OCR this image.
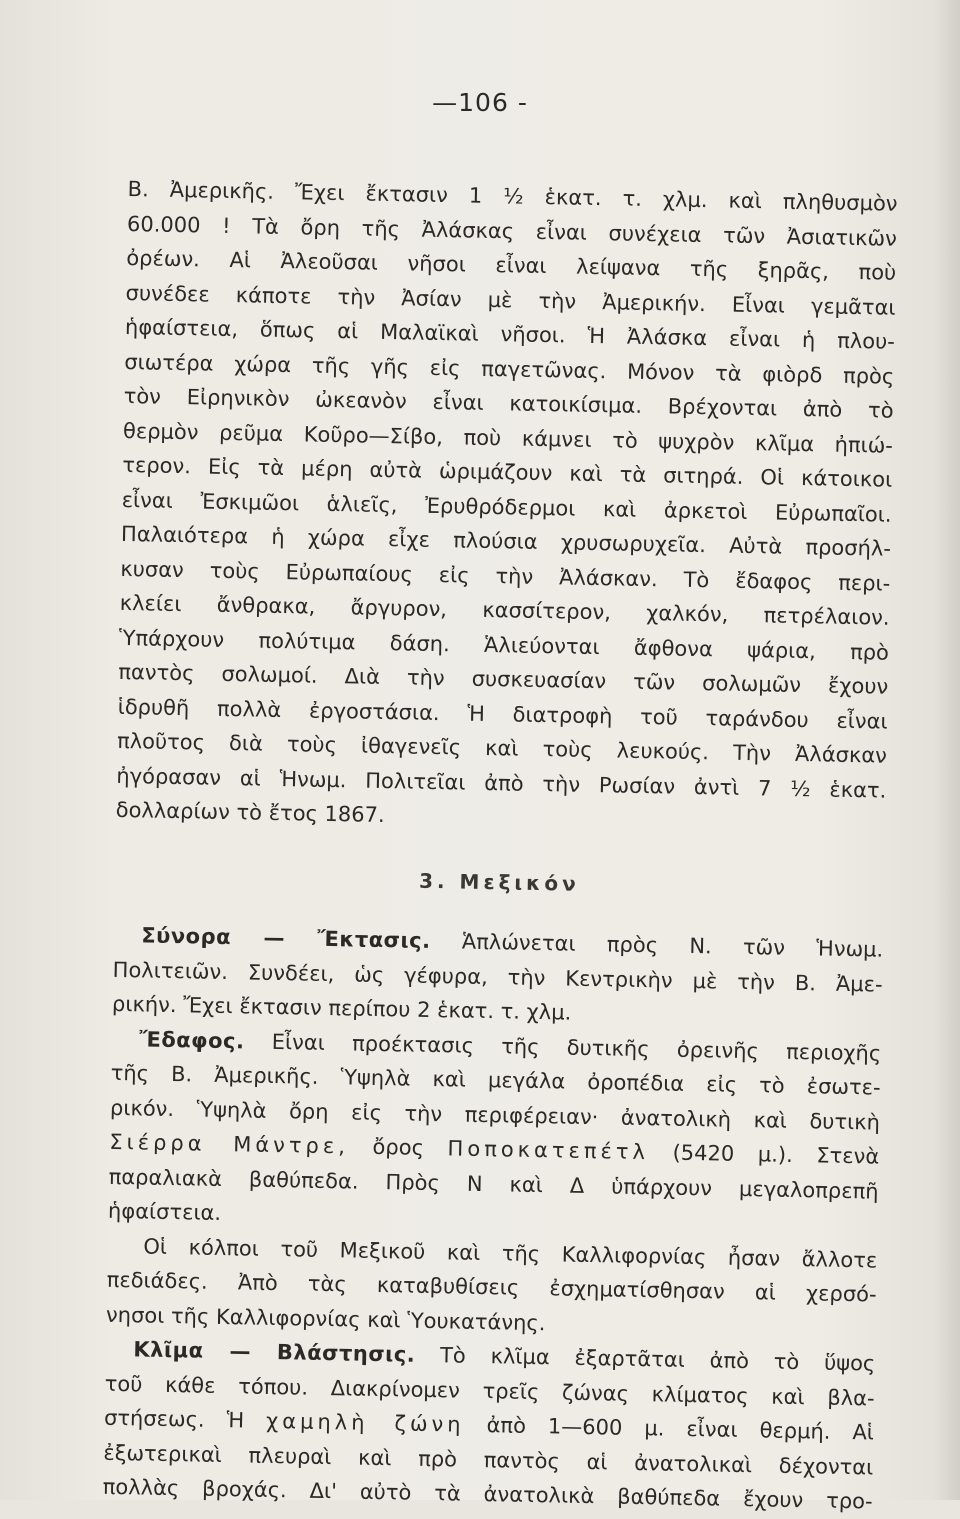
—106 -
Β. Ἀμερικῆς. Ἔχει ἔκτασιν 1 ½ ἑκατ. τ. χλμ. καὶ πληθυσμὸν
60.000 ! Τὰ ὄρη τῆς Ἀλάσκας εἶναι συνέχεια τῶν Ἀσιατικῶν
ὀρέων. Αἱ Ἀλεοῦσαι νῆσοι εἶναι λείψανα τῆς ξηρᾶς, ποὺ
συνέδεε κάποτε τὴν Ἀσίαν μὲ τὴν Ἀμερικήν. Εἶναι γεμᾶται
ἡφαίστεια, ὅπως αἱ Μαλαϊκαὶ νῆσοι. Ἡ Ἀλάσκα εἶναι ἡ πλου-
σιωτέρα χώρα τῆς γῆς εἰς παγετῶνας. Μόνον τὰ φιὸρδ πρὸς
τὸν Εἰρηνικὸν ὠκεανὸν εἶναι κατοικίσιμα. Βρέχονται ἀπὸ τὸ
θερμὸν ρεῦμα Κοῦρο—Σίβο, ποὺ κάμνει τὸ ψυχρὸν κλῖμα ἠπιώ-
τερον. Εἰς τὰ μέρη αὐτὰ ὡριμάζουν καὶ τὰ σιτηρά. Οἱ κάτοικοι
εἶναι Ἐσκιμῶοι ἁλιεῖς, Ἐρυθρόδερμοι καὶ ἀρκετοὶ Εὐρωπαῖοι.
Παλαιότερα ἡ χώρα εἶχε πλούσια χρυσωρυχεῖα. Αὐτὰ προσήλ-
κυσαν τοὺς Εὐρωπαίους εἰς τὴν Ἀλάσκαν. Τὸ ἔδαφος περι-
κλείει ἄνθρακα, ἄργυρον, κασσίτερον, χαλκόν, πετρέλαιον.
Ὑπάρχουν πολύτιμα δάση. Ἁλιεύονται ἄφθονα ψάρια, πρὸ
παντὸς σολωμοί. Διὰ τὴν συσκευασίαν τῶν σολωμῶν ἔχουν
ἱδρυθῆ πολλὰ ἐργοστάσια. Ἡ διατροφὴ τοῦ ταράνδου εἶναι
πλοῦτος διὰ τοὺς ἰθαγενεῖς καὶ τοὺς λευκούς. Τὴν Ἀλάσκαν
ἠγόρασαν αἱ Ἡνωμ. Πολιτεῖαι ἀπὸ τὴν Ρωσίαν ἀντὶ 7 ½ ἑκατ.
δολλαρίων τὸ ἔτος 1867.
3. Μεξικόν
Σύνορα — Ἔκτασις. Ἁπλώνεται πρὸς Ν. τῶν Ἡνωμ.
Πολιτειῶν. Συνδέει, ὡς γέφυρα, τὴν Κεντρικὴν μὲ τὴν Β. Ἀμε-
ρικήν. Ἔχει ἔκτασιν περίπου 2 ἑκατ. τ. χλμ.
Ἔδαφος. Εἶναι προέκτασις τῆς δυτικῆς ὀρεινῆς περιοχῆς
τῆς Β. Ἀμερικῆς. Ὑψηλὰ καὶ μεγάλα ὀροπέδια εἰς τὸ ἐσωτε-
ρικόν. Ὑψηλὰ ὄρη εἰς τὴν περιφέρειαν· ἀνατολικὴ καὶ δυτικὴ
Σιέρρα Μάντρε, ὄρος Ποποκατεπέτλ (5420 μ.). Στενὰ
παραλιακὰ βαθύπεδα. Πρὸς Ν καὶ Δ ὑπάρχουν μεγαλοπρεπῆ
ἡφαίστεια.
Οἱ κόλποι τοῦ Μεξικοῦ καὶ τῆς Καλλιφορνίας ἦσαν ἄλλοτε
πεδιάδες. Ἀπὸ τὰς καταβυθίσεις ἐσχηματίσθησαν αἱ χερσό-
νησοι τῆς Καλλιφορνίας καὶ Ὑουκατάνης.
Κλῖμα — Βλάστησις. Τὸ κλῖμα ἐξαρτᾶται ἀπὸ τὸ ὕψος
τοῦ κάθε τόπου. Διακρίνομεν τρεῖς ζώνας κλίματος καὶ βλα-
στήσεως. Ἡ χαμηλὴ ζώνη ἀπὸ 1—600 μ. εἶναι θερμή. Αἱ
ἐξωτερικαὶ πλευραὶ καὶ πρὸ παντὸς αἱ ἀνατολικαὶ δέχονται
πολλὰς βροχάς. Δι' αὐτὸ τὰ ἀνατολικὰ βαθύπεδα ἔχουν τρο-
